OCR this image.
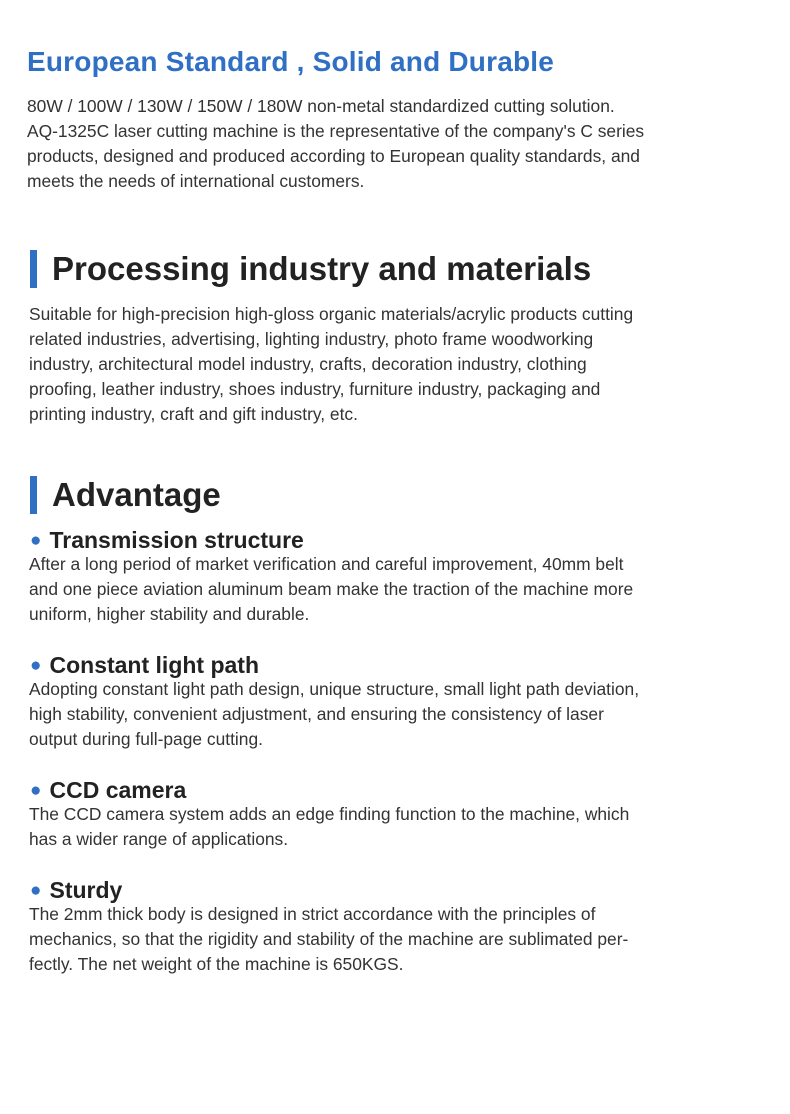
European Standard , Solid and Durable

80W / 100W / 130W / 150W / 180W non-metal standardized cutting solution.
AQ-1325C laser cutting machine is the representative of the company's C series
products, designed and produced according to European quality standards, and
meets the needs of international customers.

Processing industry and materials

Suitable for high-precision high-gloss organic materials/acrylic products cutting
related industries, advertising, lighting industry, photo frame woodworking
industry, architectural model industry, crafts, decoration industry, clothing
proofing, leather industry, shoes industry, furniture industry, packaging and
printing industry, craft and gift industry, etc.

Advantage
● Transmission structure

After a long period of market verification and careful improvement, 40mm belt
and one piece aviation aluminum beam make the traction of the machine more
uniform, higher stability and durable.

● Constant light path

Adopting constant light path design, unique structure, small light path deviation,
high stability, convenient adjustment, and ensuring the consistency of laser
output during full-page cutting.

● CCD camera

The CCD camera system adds an edge finding function to the machine, which
has a wider range of applications.

● Sturdy

The 2mm thick body is designed in strict accordance with the principles of
mechanics, so that the rigidity and stability of the machine are sublimated per-
fectly. The net weight of the machine is 650KGS.
